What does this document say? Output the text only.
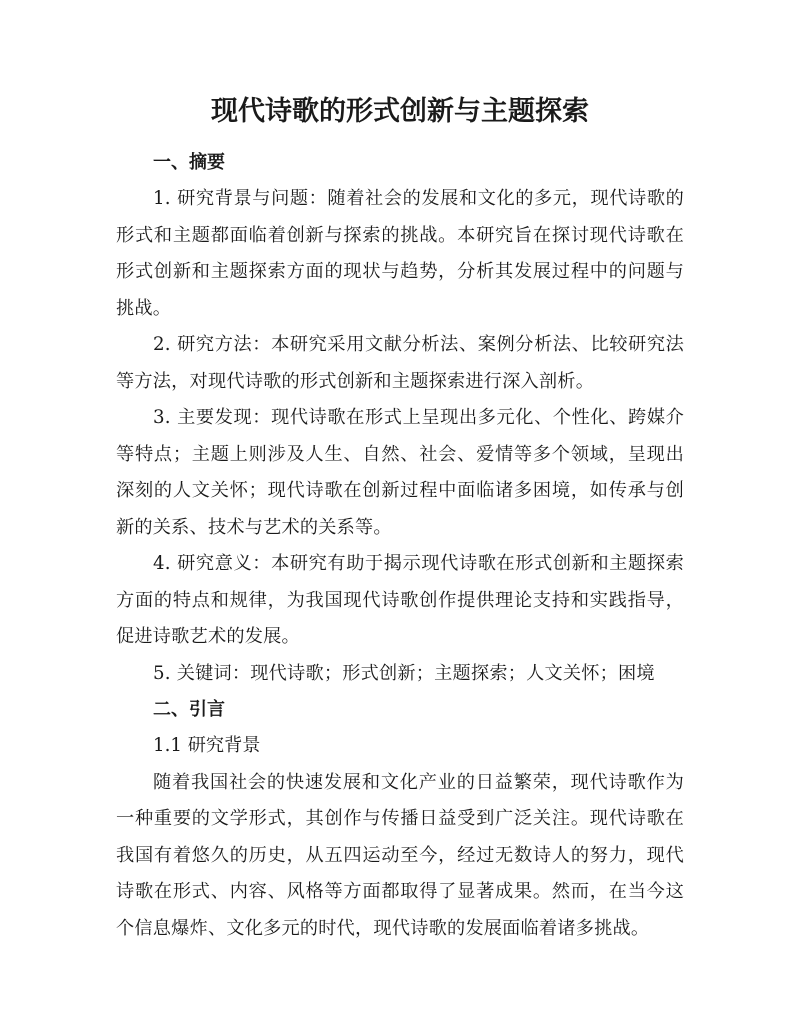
现代诗歌的形式创新与主题探索
一、摘要

1. 研究背景与问题：随着社会的发展和文化的多元，现代诗歌的形式和主题都面临着创新与探索的挑战。本研究旨在探讨现代诗歌在形式创新和主题探索方面的现状与趋势，分析其发展过程中的问题与挑战。

2. 研究方法：本研究采用文献分析法、案例分析法、比较研究法等方法，对现代诗歌的形式创新和主题探索进行深入剖析。

3. 主要发现：现代诗歌在形式上呈现出多元化、个性化、跨媒介等特点；主题上则涉及人生、自然、社会、爱情等多个领域，呈现出深刻的人文关怀；现代诗歌在创新过程中面临诸多困境，如传承与创新的关系、技术与艺术的关系等。

4. 研究意义：本研究有助于揭示现代诗歌在形式创新和主题探索方面的特点和规律，为我国现代诗歌创作提供理论支持和实践指导，促进诗歌艺术的发展。

5. 关键词：现代诗歌；形式创新；主题探索；人文关怀；困境

二、引言
1.1 研究背景

随着我国社会的快速发展和文化产业的日益繁荣，现代诗歌作为一种重要的文学形式，其创作与传播日益受到广泛关注。现代诗歌在我国有着悠久的历史，从五四运动至今，经过无数诗人的努力，现代诗歌在形式、内容、风格等方面都取得了显著成果。然而，在当今这个信息爆炸、文化多元的时代，现代诗歌的发展面临着诸多挑战。
